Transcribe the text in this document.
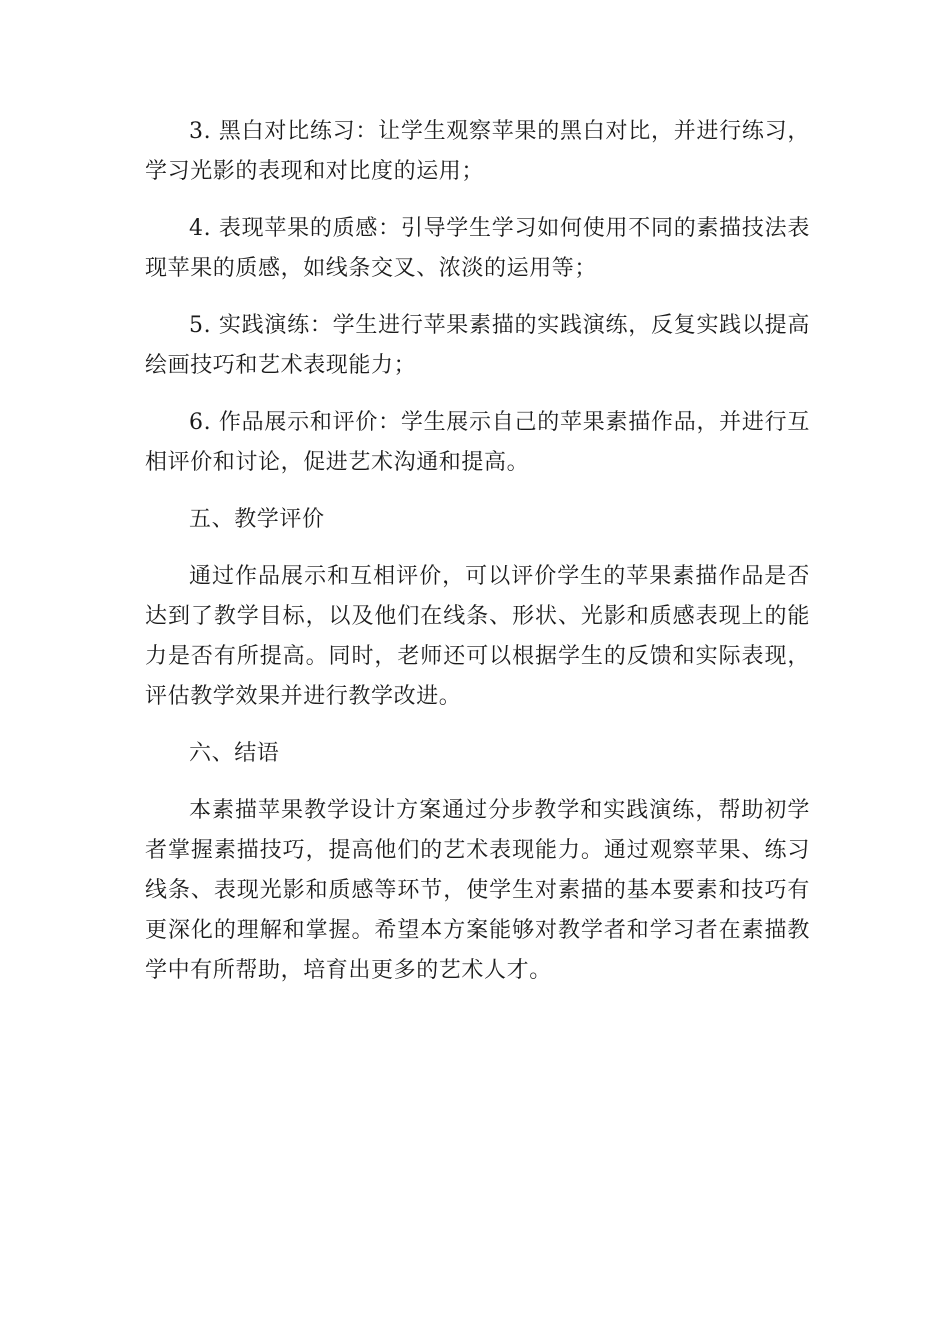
3. 黑白对比练习：让学生观察苹果的黑白对比，并进行练习，学习光影的表现和对比度的运用；

4. 表现苹果的质感：引导学生学习如何使用不同的素描技法表现苹果的质感，如线条交叉、浓淡的运用等；

5. 实践演练：学生进行苹果素描的实践演练，反复实践以提高绘画技巧和艺术表现能力；

6. 作品展示和评价：学生展示自己的苹果素描作品，并进行互相评价和讨论，促进艺术沟通和提高。

五、教学评价

通过作品展示和互相评价，可以评价学生的苹果素描作品是否达到了教学目标，以及他们在线条、形状、光影和质感表现上的能力是否有所提高。同时，老师还可以根据学生的反馈和实际表现，评估教学效果并进行教学改进。

六、结语

本素描苹果教学设计方案通过分步教学和实践演练，帮助初学者掌握素描技巧，提高他们的艺术表现能力。通过观察苹果、练习线条、表现光影和质感等环节，使学生对素描的基本要素和技巧有更深化的理解和掌握。希望本方案能够对教学者和学习者在素描教学中有所帮助，培育出更多的艺术人才。
